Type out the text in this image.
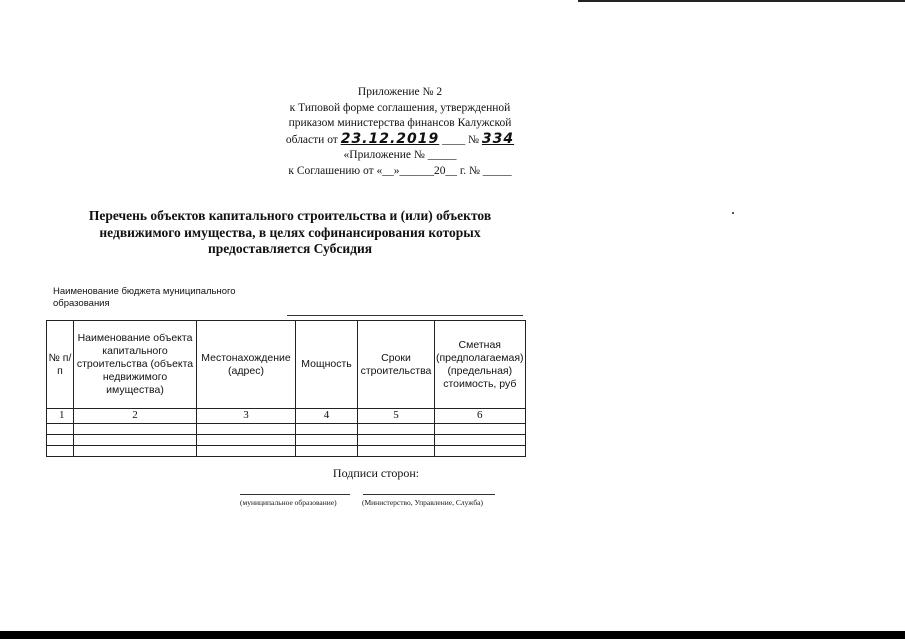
Приложение № 2
к Типовой форме соглашения, утвержденной
приказом министерства финансов Калужской
области от 23.12.2019 ____ № 334
«Приложение № _____
к Соглашению от «__»______20__ г. № _____
Перечень объектов капитального строительства и (или) объектов
недвижимого имущества, в целях софинансирования которых
предоставляется Субсидия
Наименование бюджета муниципального
образования
№ п/п	Наименование объекта капитального строительства (объекта недвижимого имущества)	Местонахождение (адрес)	Мощность	Сроки строительства	Сметная (предполагаемая) (предельная) стоимость, руб
1	2	3	4	5	6

Подписи сторон:
(муниципальное образование)	(Министерство, Управление, Служба)
